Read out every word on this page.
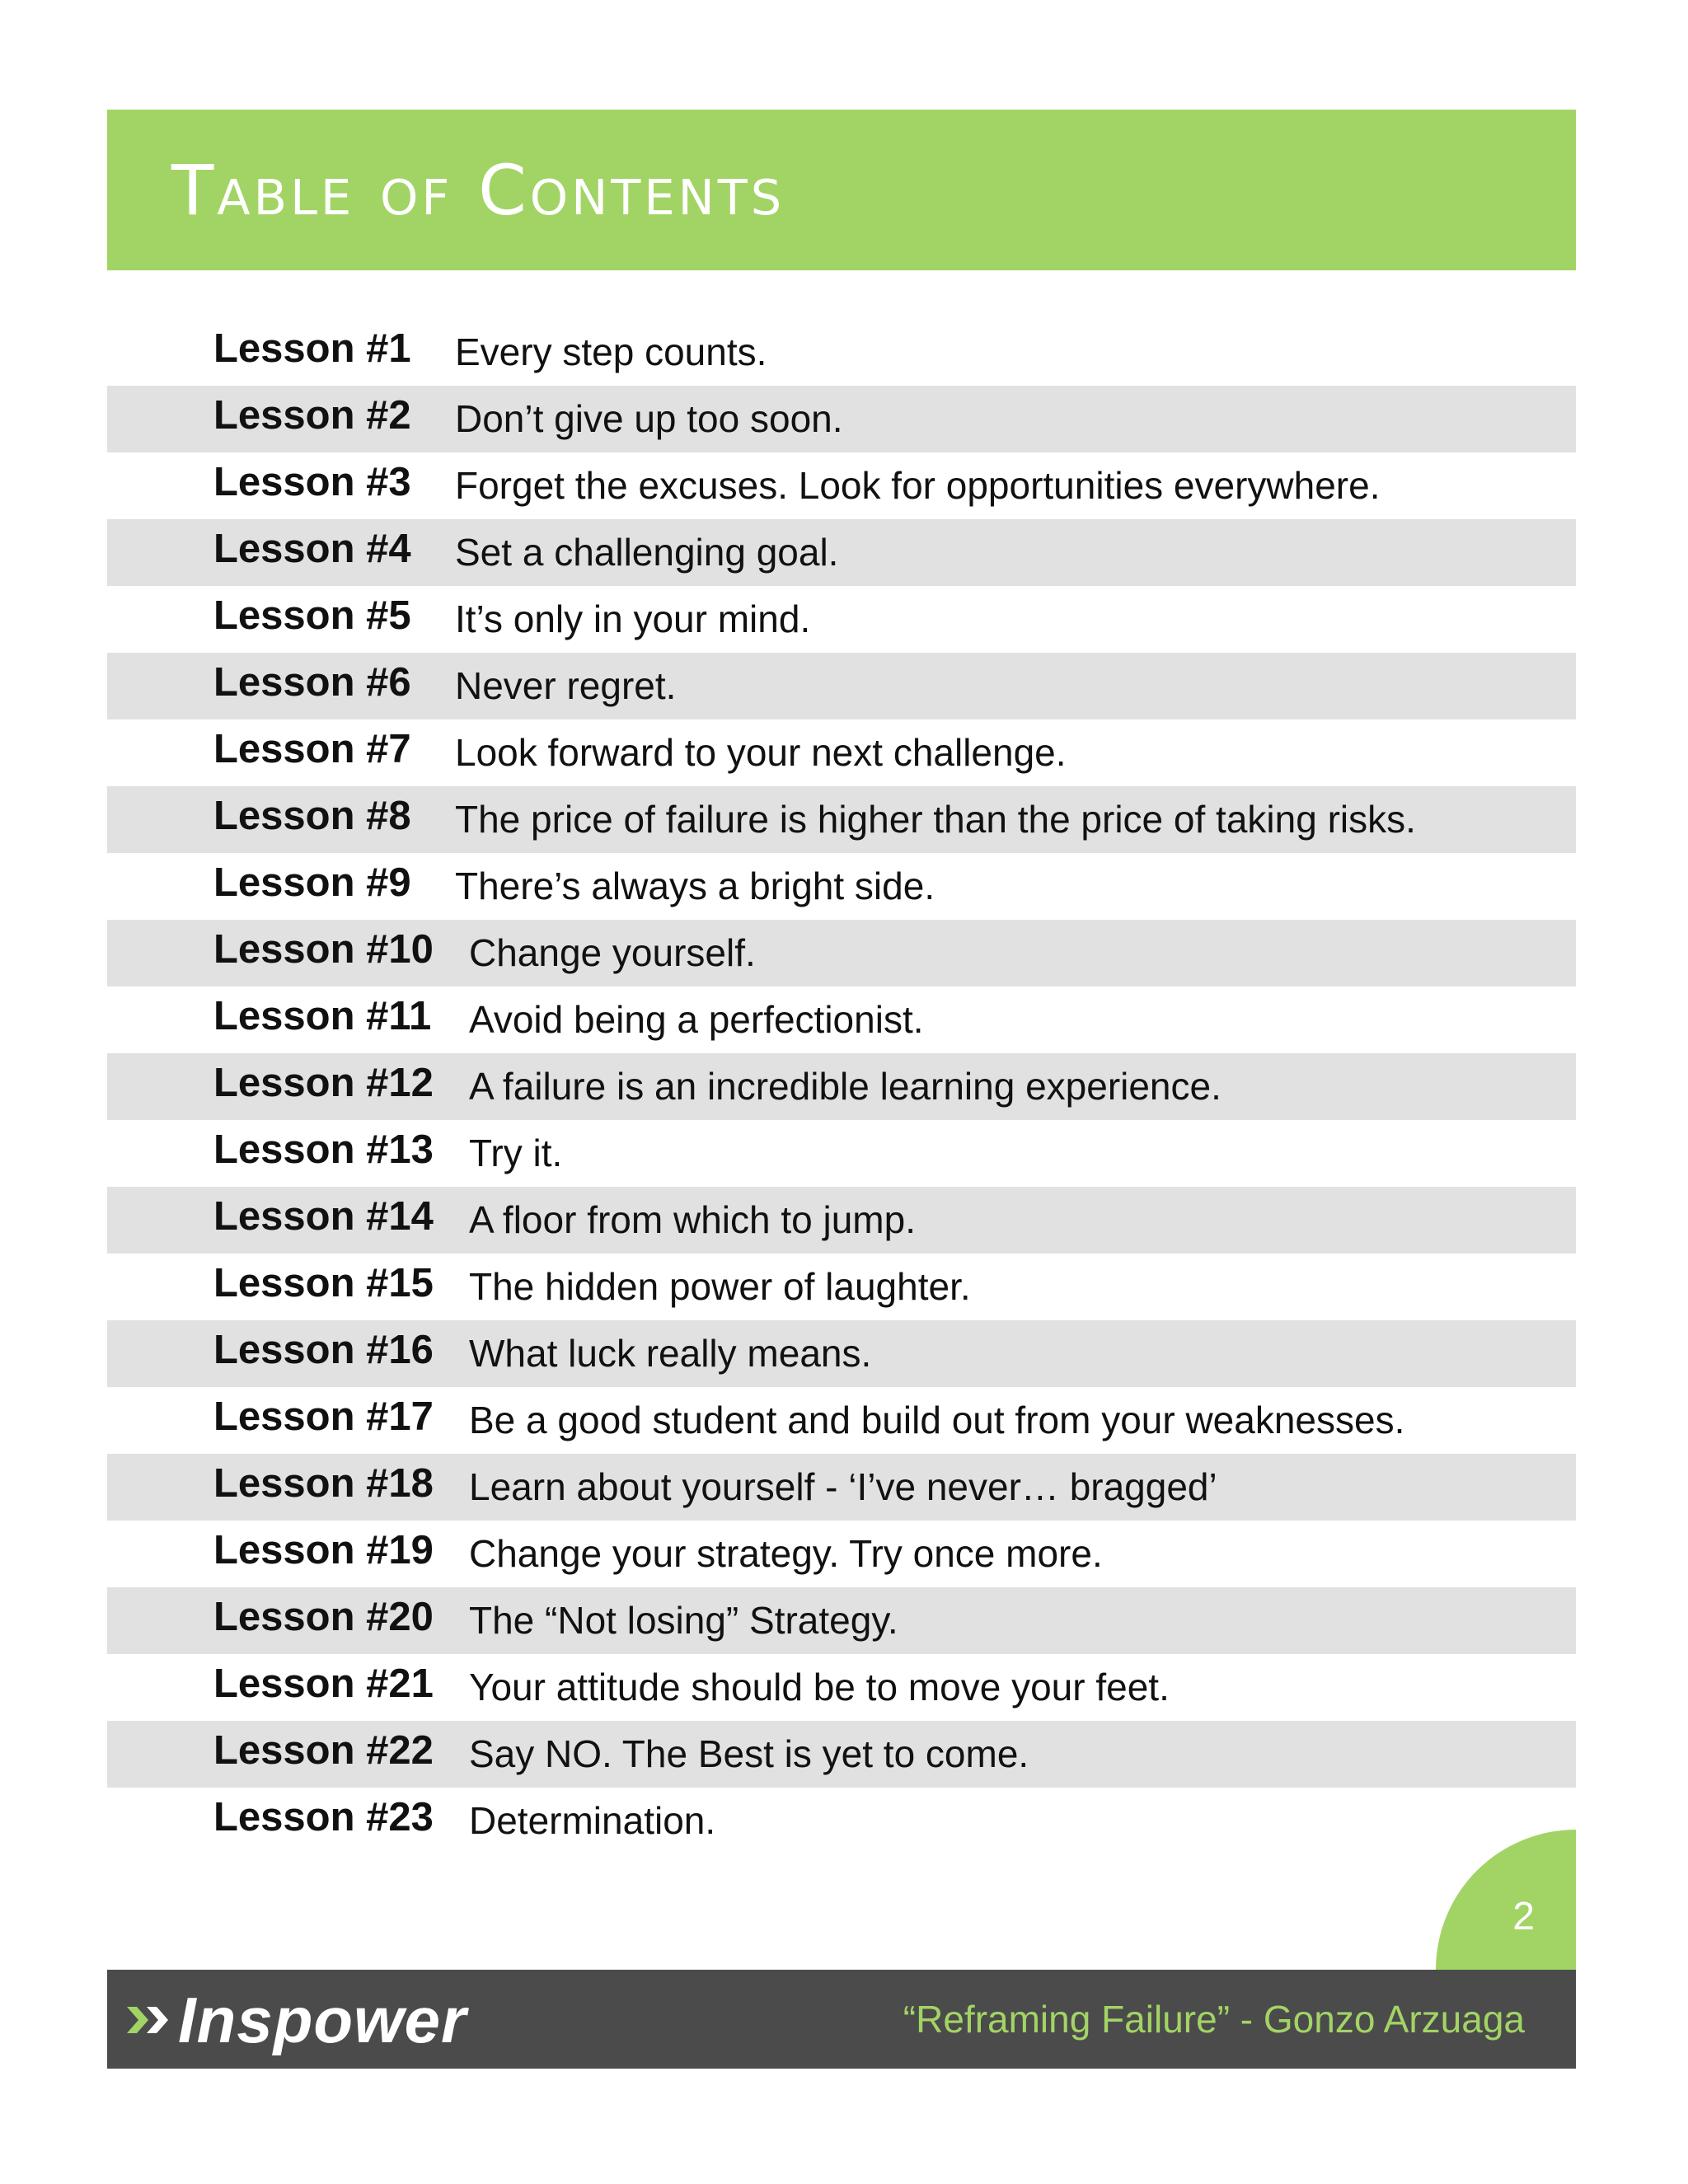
Table of Contents
Lesson #1 Every step counts.
Lesson #2 Don’t give up too soon.
Lesson #3 Forget the excuses. Look for opportunities everywhere.
Lesson #4 Set a challenging goal.
Lesson #5 It’s only in your mind.
Lesson #6 Never regret.
Lesson #7 Look forward to your next challenge.
Lesson #8 The price of failure is higher than the price of taking risks.
Lesson #9 There’s always a bright side.
Lesson #10 Change yourself.
Lesson #11 Avoid being a perfectionist.
Lesson #12 A failure is an incredible learning experience.
Lesson #13 Try it.
Lesson #14 A floor from which to jump.
Lesson #15 The hidden power of laughter.
Lesson #16 What luck really means.
Lesson #17 Be a good student and build out from your weaknesses.
Lesson #18 Learn about yourself - ‘I’ve never… bragged’
Lesson #19 Change your strategy. Try once more.
Lesson #20 The “Not losing” Strategy.
Lesson #21 Your attitude should be to move your feet.
Lesson #22 Say NO. The Best is yet to come.
Lesson #23 Determination.
2
Inspower	“Reframing Failure” - Gonzo Arzuaga
